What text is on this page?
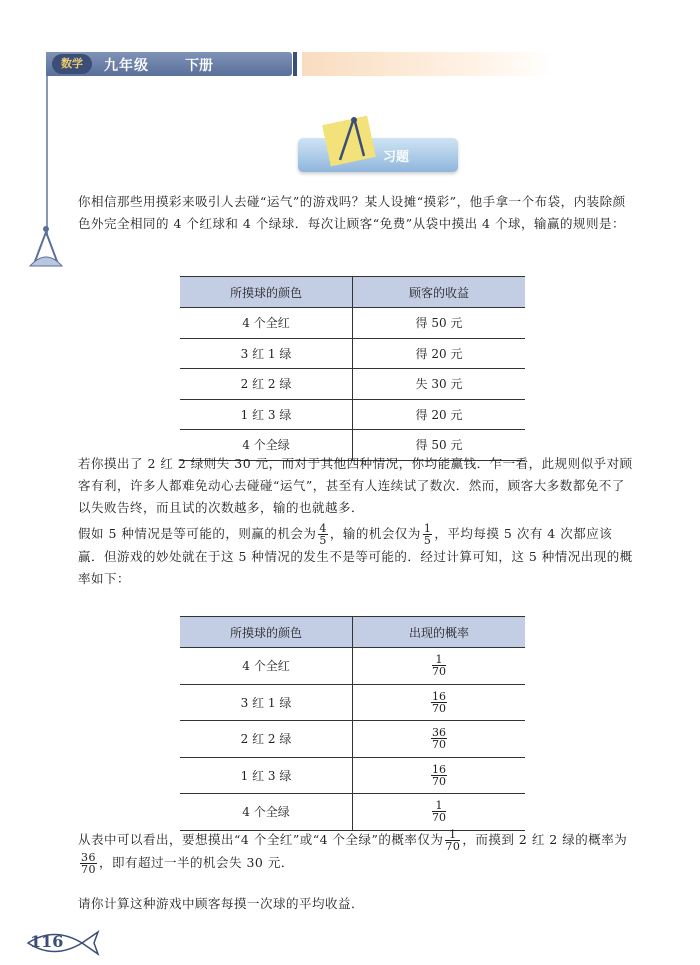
数学	九年级	下册
习题

你相信那些用摸彩来吸引人去碰“运气”的游戏吗？某人设摊“摸彩”，他手拿一个布袋，内装除颜色外完全相同的 4 个红球和 4 个绿球．每次让顾客“免费”从袋中摸出 4 个球，输赢的规则是：

所摸球的颜色	顾客的收益
4 个全红	得 50 元
3 红 1 绿	得 20 元
2 红 2 绿	失 30 元
1 红 3 绿	得 20 元
4 个全绿	得 50 元

若你摸出了 2 红 2 绿则失 30 元，而对于其他四种情况，你均能赢钱．乍一看，此规则似乎对顾客有利，许多人都难免动心去碰碰“运气”，甚至有人连续试了数次．然而，顾客大多数都免不了以失败告终，而且试的次数越多，输的也就越多．

假如 5 种情况是等可能的，则赢的机会为 $\frac{4}{5}$ ，输的机会仅为 $\frac{1}{5}$ ，平均每摸 5 次有 4 次都应该赢．但游戏的妙处就在于这 5 种情况的发生不是等可能的．经过计算可知，这 5 种情况出现的概率如下：

所摸球的颜色	出现的概率
4 个全红	$\frac{1}{70}$

3 红 1 绿	$\frac{16}{70}$

2 红 2 绿	$\frac{36}{70}$

1 红 3 绿	$\frac{16}{70}$

4 个全绿	$\frac{1}{70}$

从表中可以看出，要想摸出“4 个全红”或“4 个全绿”的概率仅为 $\frac{1}{70}$ ，而摸到 2 红 2 绿的概率为
$\frac{36}{70}$ ，即有超过一半的机会失 30 元．

请你计算这种游戏中顾客每摸一次球的平均收益．

116
